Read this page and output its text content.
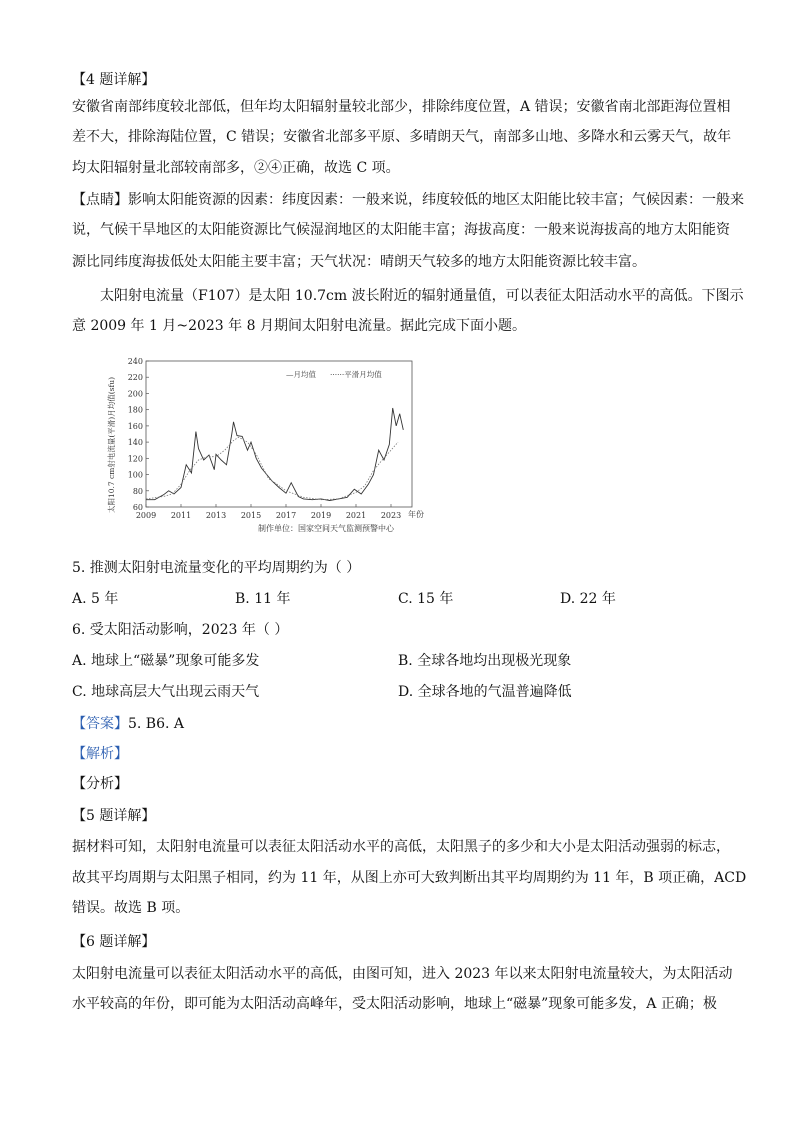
【4 题详解】
安徽省南部纬度较北部低，但年均太阳辐射量较北部少，排除纬度位置，A 错误；安徽省南北部距海位置相
差不大，排除海陆位置，C 错误；安徽省北部多平原、多晴朗天气，南部多山地、多降水和云雾天气，故年
均太阳辐射量北部较南部多，②④正确，故选 C 项。
【点睛】影响太阳能资源的因素：纬度因素：一般来说，纬度较低的地区太阳能比较丰富；气候因素：一般来
说，气候干旱地区的太阳能资源比气候湿润地区的太阳能丰富；海拔高度：一般来说海拔高的地方太阳能资
源比同纬度海拔低处太阳能主要丰富；天气状况：晴朗天气较多的地方太阳能资源比较丰富。
太阳射电流量（F107）是太阳 10.7cm 波长附近的辐射通量值，可以表征太阳活动水平的高低。下图示
意 2009 年 1 月~2023 年 8 月期间太阳射电流量。据此完成下面小题。
太阳10.7 cm射电流量(平滑)月均值(sfu) 60
80
100
120
140
160
180
200
220
240
2009 2011 2013 2015 2017 2019 2021 2023 年份
制作单位：国家空间天气监测预警中心
—月均值 ······平滑月均值
5. 推测太阳射电流量变化的平均周期约为（ ）
A. 5 年	B. 11 年	C. 15 年	D. 22 年
6. 受太阳活动影响，2023 年（ ）
A. 地球上“磁暴”现象可能多发	B. 全球各地均出现极光现象
C. 地球高层大气出现云雨天气	D. 全球各地的气温普遍降低
【答案】5. B6. A
【解析】
【分析】
【5 题详解】
据材料可知，太阳射电流量可以表征太阳活动水平的高低，太阳黑子的多少和大小是太阳活动强弱的标志，
故其平均周期与太阳黑子相同，约为 11 年，从图上亦可大致判断出其平均周期约为 11 年，B 项正确，ACD
错误。故选 B 项。
【6 题详解】
太阳射电流量可以表征太阳活动水平的高低，由图可知，进入 2023 年以来太阳射电流量较大，为太阳活动
水平较高的年份，即可能为太阳活动高峰年，受太阳活动影响，地球上“磁暴”现象可能多发，A 正确；极
